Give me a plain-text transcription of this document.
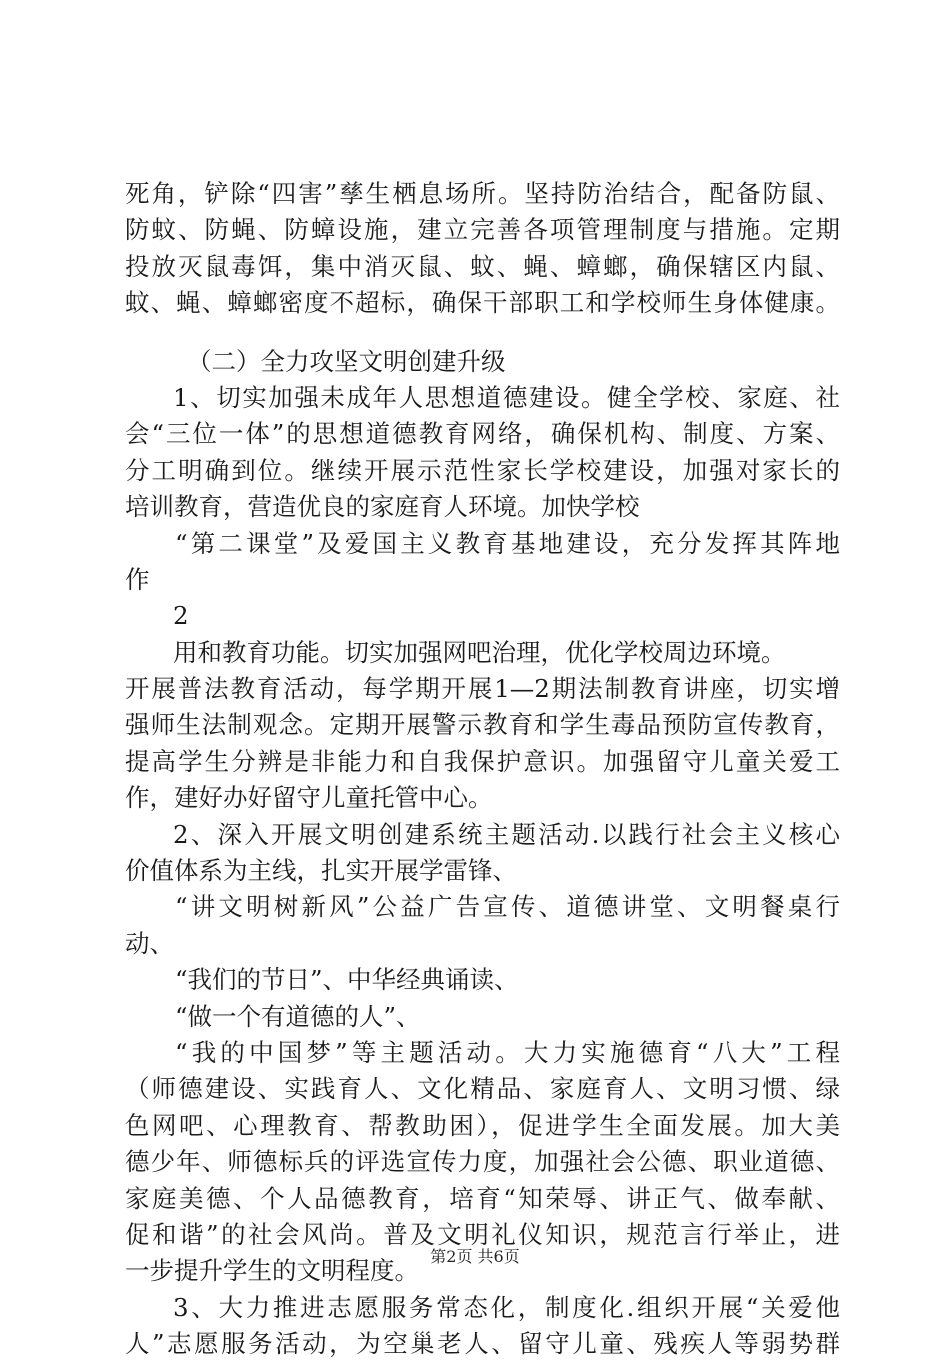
死角，铲除“四害”孳生栖息场所。坚持防治结合，配备防鼠、
防蚊、防蝇、防蟑设施，建立完善各项管理制度与措施。定期
投放灭鼠毒饵，集中消灭鼠、蚊、蝇、蟑螂，确保辖区内鼠、
蚊、蝇、蟑螂密度不超标，确保干部职工和学校师生身体健康。
（二）全力攻坚文明创建升级
1、切实加强未成年人思想道德建设。健全学校、家庭、社
会“三位一体”的思想道德教育网络，确保机构、制度、方案、
分工明确到位。继续开展示范性家长学校建设，加强对家长的
培训教育，营造优良的家庭育人环境。加快学校
“第二课堂”及爱国主义教育基地建设，充分发挥其阵地
作
2
用和教育功能。切实加强网吧治理，优化学校周边环境。
开展普法教育活动，每学期开展1—2期法制教育讲座，切实增
强师生法制观念。定期开展警示教育和学生毒品预防宣传教育，
提高学生分辨是非能力和自我保护意识。加强留守儿童关爱工
作，建好办好留守儿童托管中心。
2、深入开展文明创建系统主题活动.以践行社会主义核心
价值体系为主线，扎实开展学雷锋、
“讲文明树新风”公益广告宣传、道德讲堂、文明餐桌行
动、
“我们的节日”、中华经典诵读、
“做一个有道德的人”、
“我的中国梦”等主题活动。大力实施德育“八大”工程
（师德建设、实践育人、文化精品、家庭育人、文明习惯、绿
色网吧、心理教育、帮教助困），促进学生全面发展。加大美
德少年、师德标兵的评选宣传力度，加强社会公德、职业道德、
家庭美德、个人品德教育，培育“知荣辱、讲正气、做奉献、
促和谐”的社会风尚。普及文明礼仪知识，规范言行举止，进
一步提升学生的文明程度。
3、大力推进志愿服务常态化，制度化.组织开展“关爱他
人”志愿服务活动，为空巢老人、留守儿童、残疾人等弱势群
第2页 共6页
